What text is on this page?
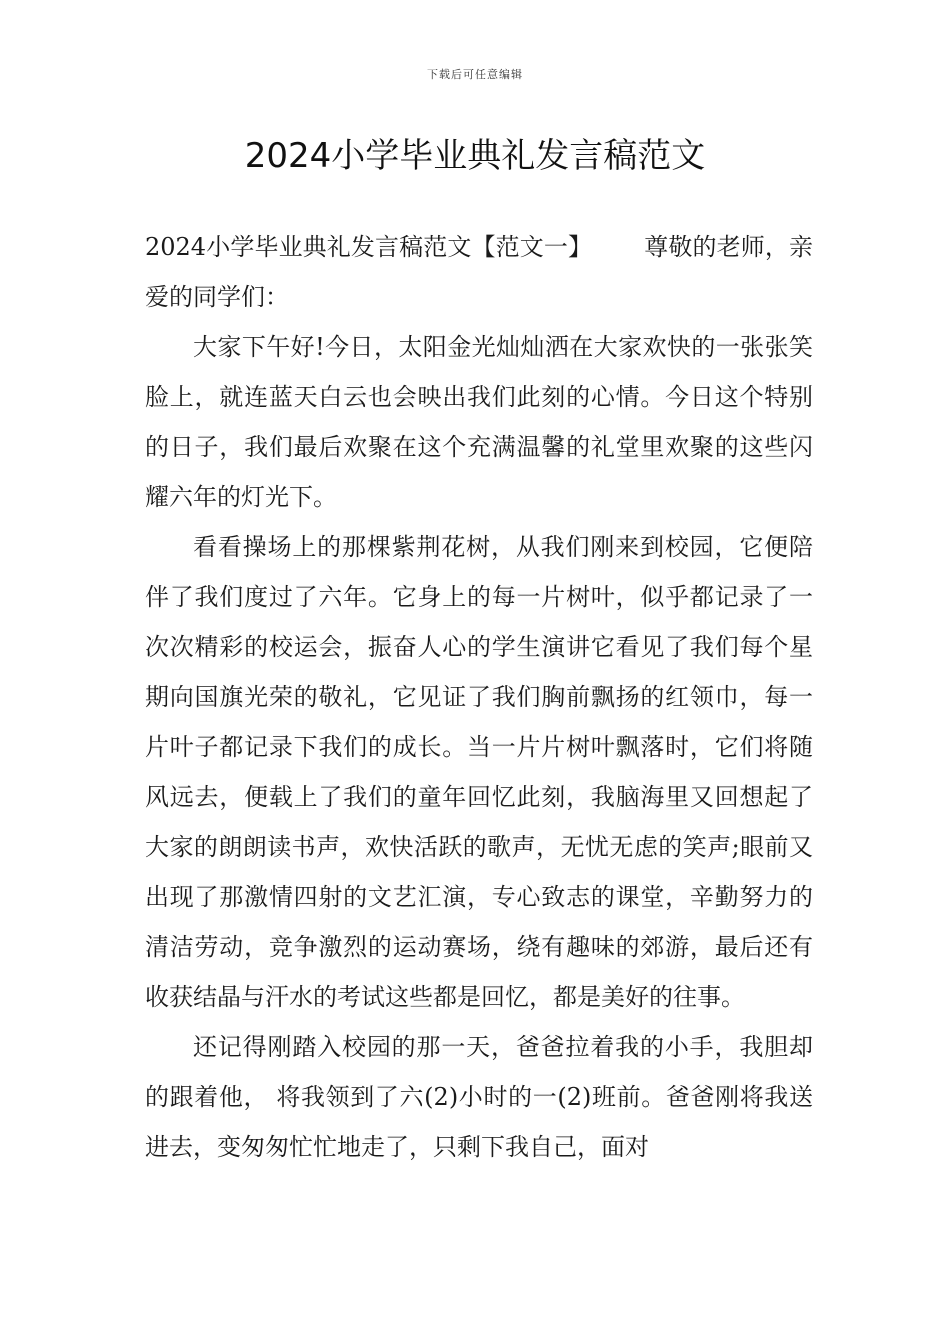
下载后可任意编辑
2024小学毕业典礼发言稿范文

2024小学毕业典礼发言稿范文【范文一】 尊敬的老师，亲爱的同学们：

大家下午好!今日，太阳金光灿灿洒在大家欢快的一张张笑脸上，就连蓝天白云也会映出我们此刻的心情。今日这个特别的日子，我们最后欢聚在这个充满温馨的礼堂里欢聚的这些闪耀六年的灯光下。

看看操场上的那棵紫荆花树，从我们刚来到校园，它便陪伴了我们度过了六年。它身上的每一片树叶，似乎都记录了一次次精彩的校运会，振奋人心的学生演讲它看见了我们每个星期向国旗光荣的敬礼，它见证了我们胸前飘扬的红领巾，每一片叶子都记录下我们的成长。当一片片树叶飘落时，它们将随风远去，便载上了我们的童年回忆此刻，我脑海里又回想起了大家的朗朗读书声，欢快活跃的歌声，无忧无虑的笑声;眼前又出现了那激情四射的文艺汇演，专心致志的课堂，辛勤努力的清洁劳动，竞争激烈的运动赛场，绕有趣味的郊游，最后还有收获结晶与汗水的考试这些都是回忆，都是美好的往事。

还记得刚踏入校园的那一天，爸爸拉着我的小手，我胆却的跟着他， 将我领到了六(2)小时的一(2)班前。爸爸刚将我送进去，变匆匆忙忙地走了，只剩下我自己，面对
